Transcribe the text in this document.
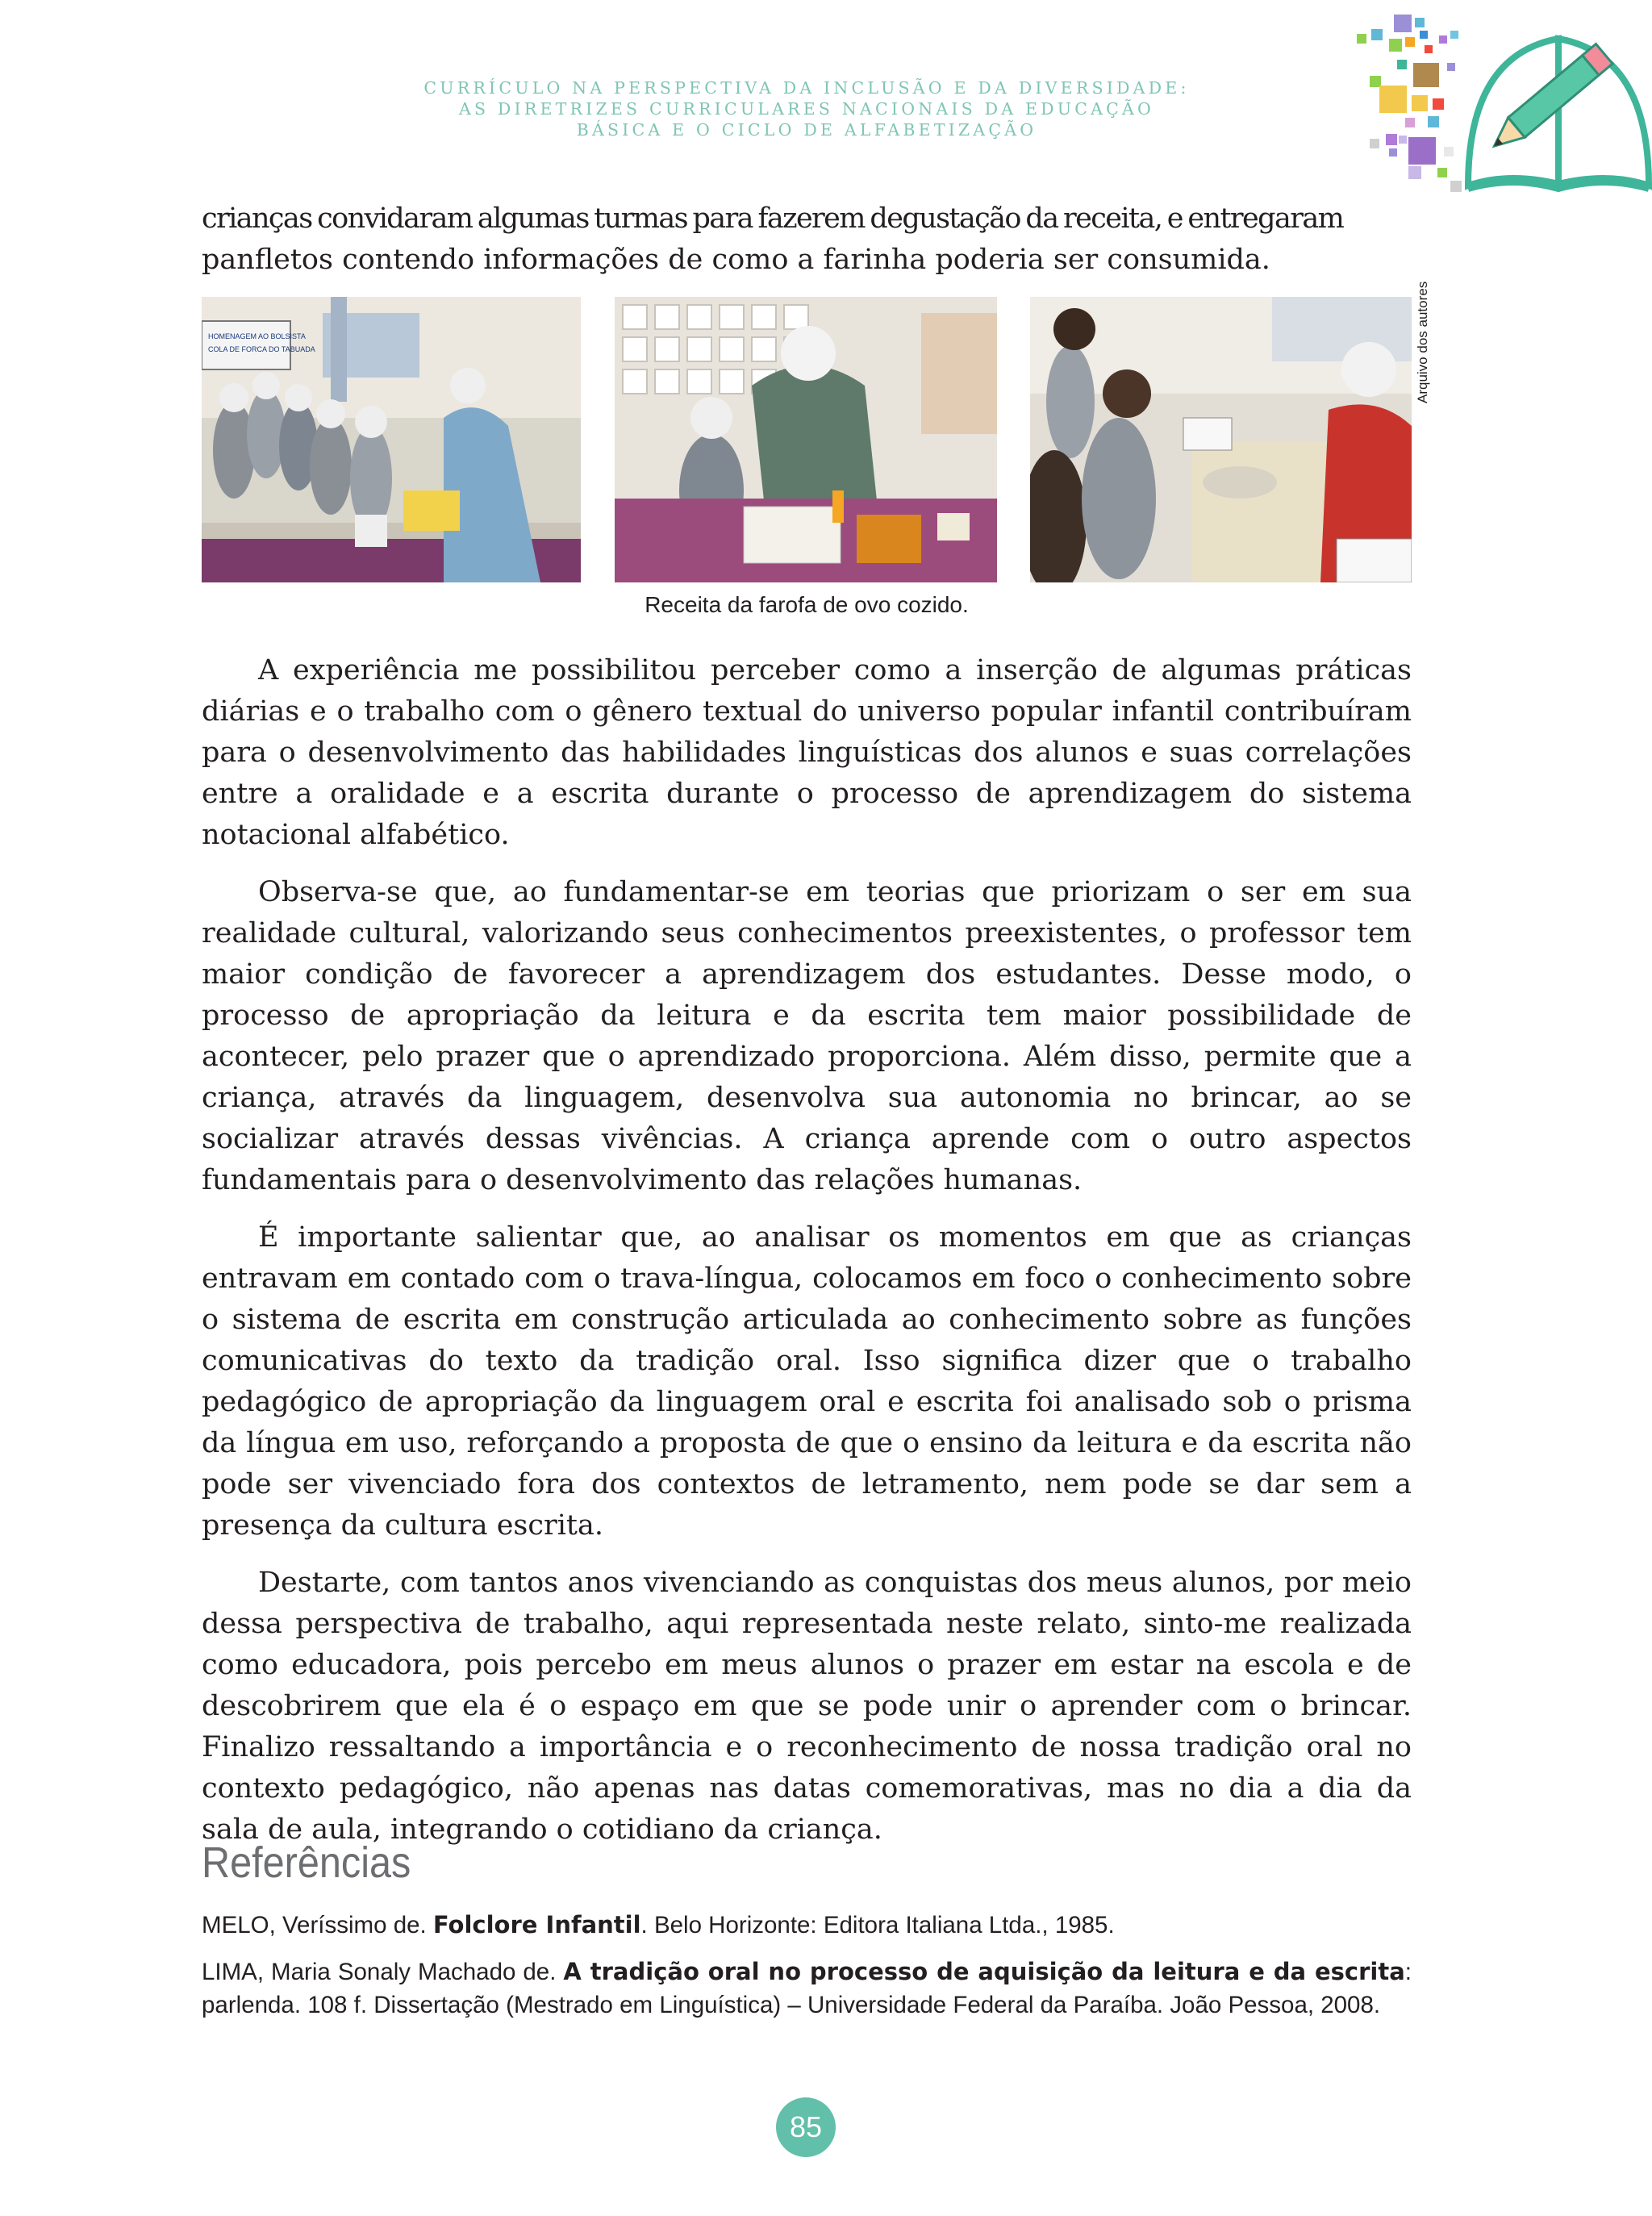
CURRÍCULO NA PERSPECTIVA DA INCLUSÃO E DA DIVERSIDADE:
AS DIRETRIZES CURRICULARES NACIONAIS DA EDUCAÇÃO
BÁSICA E O CICLO DE ALFABETIZAÇÃO

crianças convidaram algumas turmas para fazerem degustação da receita, e entregaram

panfletos contendo informações de como a farinha poderia ser consumida.

HOMENAGEM AO BOLSISTA
COLA DE FORCA DO TABUADA	Arquivo dos autores
Receita da farofa de ovo cozido.

A experiência me possibilitou perceber como a inserção de algumas práticas diárias e o trabalho com o gênero textual do universo popular infantil contribuíram para o desenvolvimento das habilidades linguísticas dos alunos e suas correlações entre a oralidade e a escrita durante o processo de aprendizagem do sistema notacional alfabético.

Observa-se que, ao fundamentar-se em teorias que priorizam o ser em sua realidade cultural, valorizando seus conhecimentos preexistentes, o professor tem maior condição de favorecer a aprendizagem dos estudantes. Desse modo, o processo de apropriação da leitura e da escrita tem maior possibilidade de acontecer, pelo prazer que o aprendizado proporciona. Além disso, permite que a criança, através da linguagem, desenvolva sua autonomia no brincar, ao se socializar através dessas vivências. A criança aprende com o outro aspectos fundamentais para o desenvolvimento das relações humanas.

É importante salientar que, ao analisar os momentos em que as crianças entravam em contado com o trava-língua, colocamos em foco o conhecimento sobre o sistema de escrita em construção articulada ao conhecimento sobre as funções comunicativas do texto da tradição oral. Isso significa dizer que o trabalho pedagógico de apropriação da linguagem oral e escrita foi analisado sob o prisma da língua em uso, reforçando a proposta de que o ensino da leitura e da escrita não pode ser vivenciado fora dos contextos de letramento, nem pode se dar sem a presença da cultura escrita.

Destarte, com tantos anos vivenciando as conquistas dos meus alunos, por meio dessa perspectiva de trabalho, aqui representada neste relato, sinto-me realizada como educadora, pois percebo em meus alunos o prazer em estar na escola e de descobrirem que ela é o espaço em que se pode unir o aprender com o brincar. Finalizo ressaltando a importância e o reconhecimento de nossa tradição oral no contexto pedagógico, não apenas nas datas comemorativas, mas no dia a dia da sala de aula, integrando o cotidiano da criança.

Referências

MELO, Veríssimo de. Folclore Infantil. Belo Horizonte: Editora Italiana Ltda., 1985.

LIMA, Maria Sonaly Machado de. A tradição oral no processo de aquisição da leitura e da escrita: parlenda. 108 f. Dissertação (Mestrado em Linguística) – Universidade Federal da Paraíba. João Pessoa, 2008.

85
